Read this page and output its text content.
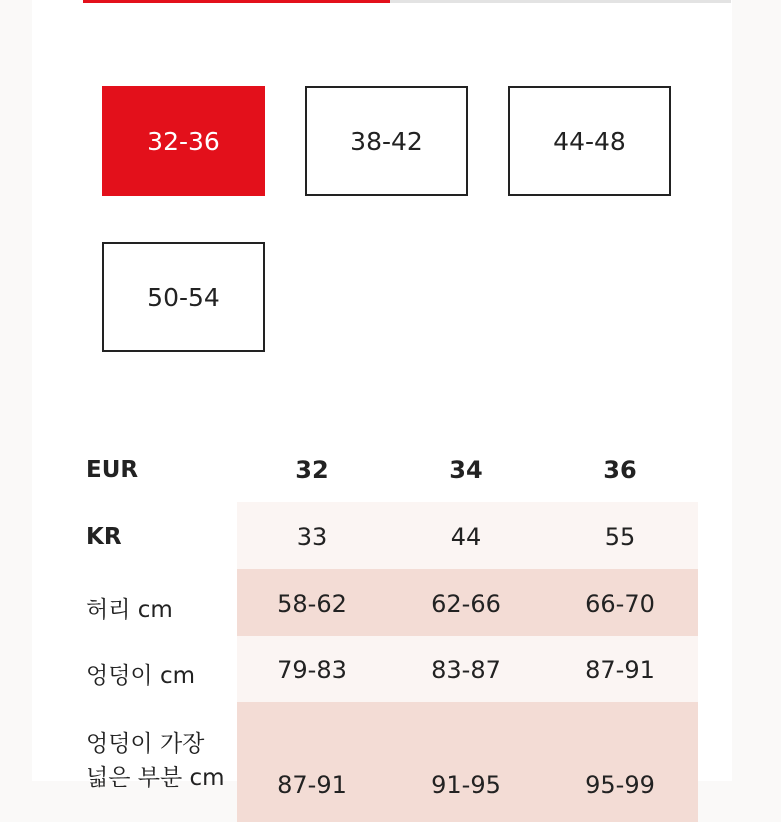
32-36	38-42	44-48
50-54
EUR	32	34	36
KR	33	44	55
허리 cm	58-62	62-66	66-70
엉덩이 cm	79-83	83-87	87-91
엉덩이 가장
넓은 부분 cm	87-91	91-95	95-99
